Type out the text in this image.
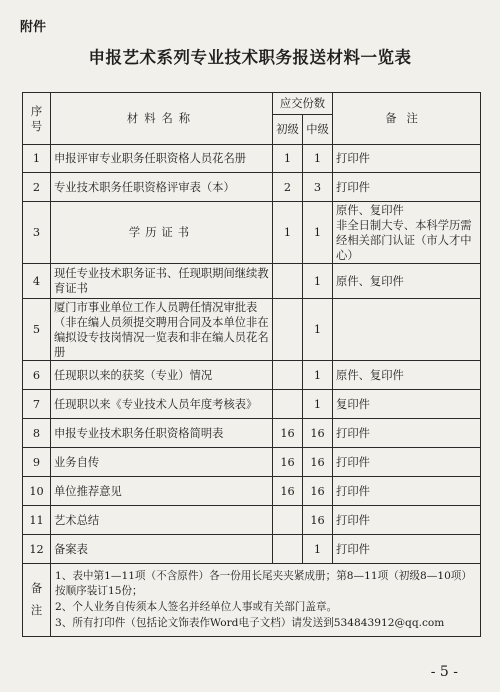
附件
申报艺术系列专业技术职务报送材料一览表
序号	材料名称	应交份数		备注
		初级	中级	
1	申报评审专业职务任职资格人员花名册	1	1	打印件
2	专业技术职务任职资格评审表（本）	2	3	打印件
3	学历证书	1	1	原件、复印件
非全日制大专、本科学历需经相关部门认证（市人才中心）
4	现任专业技术职务证书、任现职期间继续教育证书		1	原件、复印件
5	厦门市事业单位工作人员聘任情况审批表（非在编人员须提交聘用合同及本单位非在编拟设专技岗情况一览表和非在编人员花名册		1	
6	任现职以来的获奖（专业）情况		1	原件、复印件
7	任现职以来《专业技术人员年度考核表》		1	复印件
8	申报专业技术职务任职资格简明表	16	16	打印件
9	业务自传	16	16	打印件
10	单位推荐意见	16	16	打印件
11	艺术总结		16	打印件
12	备案表		1	打印件
备注	1、表中第1—11项（不含原件）各一份用长尾夹夹紧成册；第8—11项（初级8—10项）按顺序装订15份；
2、个人业务自传须本人签名并经单位人事或有关部门盖章。
3、所有打印件（包括论文饰表作Word电子文档）请发送到534843912@qq.com			
- 5 -
